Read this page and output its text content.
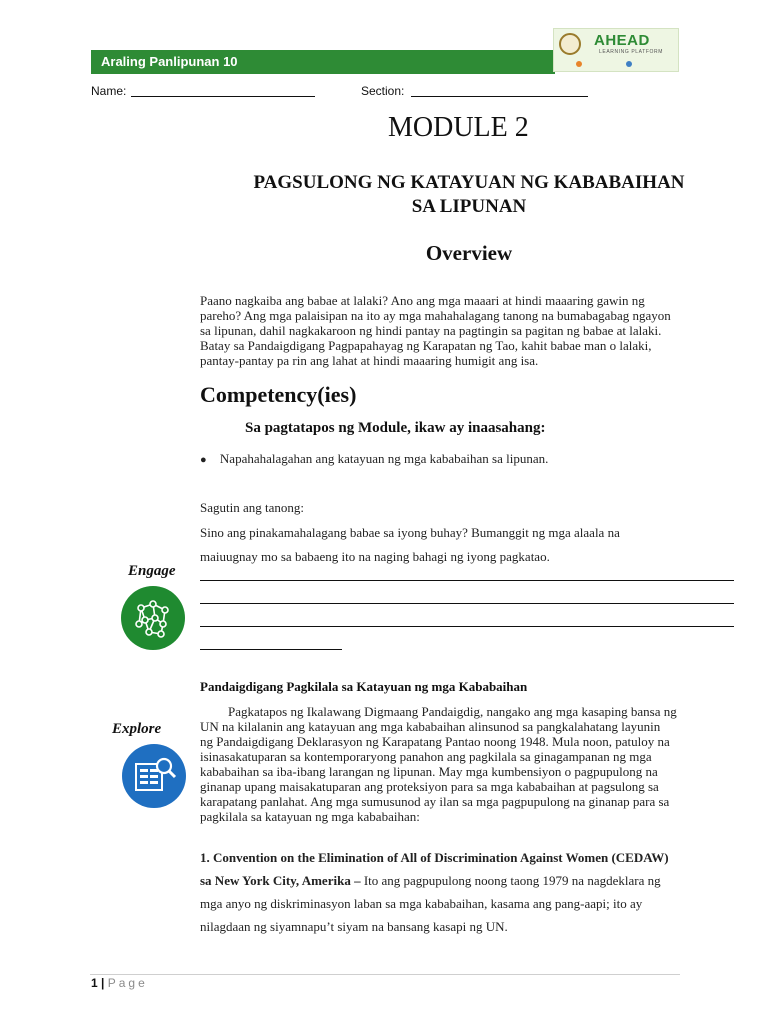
Araling Panlipunan 10
AHEAD
LEARNING PLATFORM
Name:	Section:
MODULE 2
PAGSULONG NG KATAYUAN NG KABABAIHAN
SA LIPUNAN
Overview
Paano nagkaiba ang babae at lalaki? Ano ang mga maaari at hindi maaaring gawin ng
pareho? Ang mga palaisipan na ito ay mga mahahalagang tanong na bumabagabag ngayon
sa lipunan, dahil nagkakaroon ng hindi pantay na pagtingin sa pagitan ng babae at lalaki.
Batay sa Pandaigdigang Pagpapahayag ng Karapatan ng Tao, kahit babae man o lalaki,
pantay-pantay pa rin ang lahat at hindi maaaring humigit ang isa.
Competency(ies)
Sa pagtatapos ng Module, ikaw ay inaasahang:
● Napahahalagahan ang katayuan ng mga kababaihan sa lipunan.
Sagutin ang tanong:
Sino ang pinakamahalagang babae sa iyong buhay? Bumanggit ng mga alaala na
maiuugnay mo sa babaeng ito na naging bahagi ng iyong pagkatao.
Engage
Pandaigdigang Pagkilala sa Katayuan ng mga Kababaihan
Explore
Pagkatapos ng Ikalawang Digmaang Pandaigdig, nangako ang mga kasaping bansa ng
UN na kilalanin ang katayuan ang mga kababaihan alinsunod sa pangkalahatang layunin
ng Pandaigdigang Deklarasyon ng Karapatang Pantao noong 1948. Mula noon, patuloy na
isinasakatuparan sa kontemporaryong panahon ang pagkilala sa ginagampanan ng mga
kababaihan sa iba-ibang larangan ng lipunan. May mga kumbensiyon o pagpupulong na
ginanap upang maisakatuparan ang proteksiyon para sa mga kababaihan at pagsulong sa
karapatang panlahat. Ang mga sumusunod ay ilan sa mga pagpupulong na ginanap para sa
pagkilala sa katayuan ng mga kababaihan:
1. Convention on the Elimination of All of Discrimination Against Women (CEDAW)
sa New York City, Amerika – Ito ang pagpupulong noong taong 1979 na nagdeklara ng
mga anyo ng diskriminasyon laban sa mga kababaihan, kasama ang pang-aapi; ito ay
nilagdaan ng siyamnapu’t siyam na bansang kasapi ng UN.
1 | Page
